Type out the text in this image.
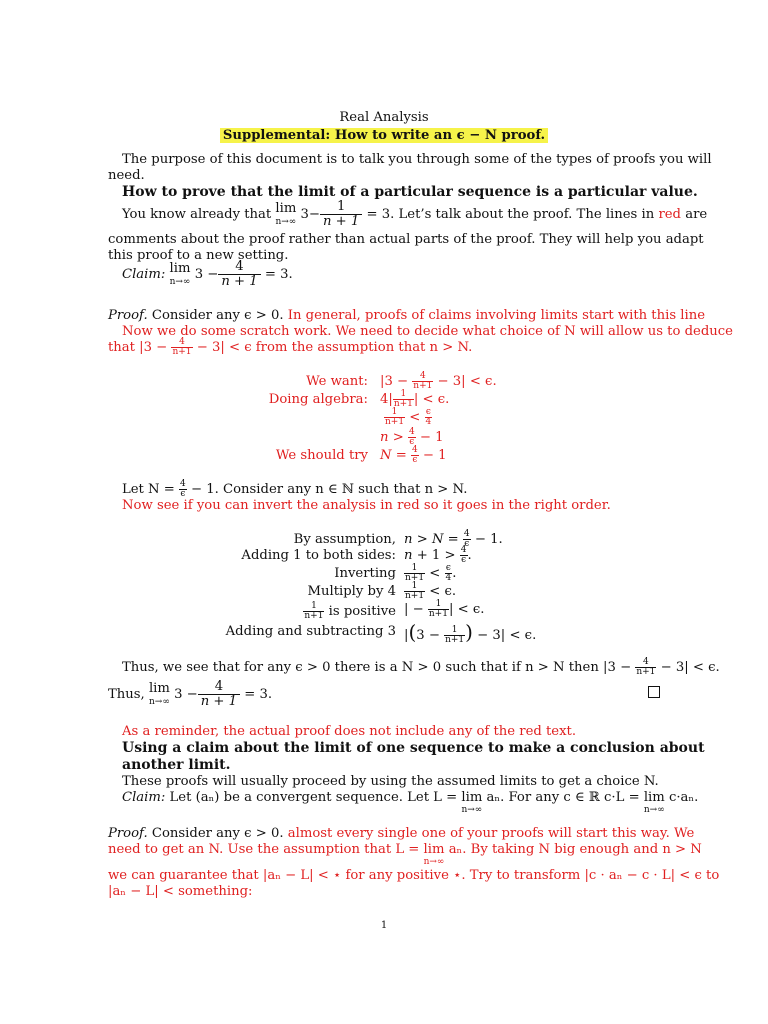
Real Analysis
Supplemental: How to write an ϵ − N proof.
The purpose of this document is to talk you through some of the types of proofs you will
need.
How to prove that the limit of a particular sequence is a particular value.
You know already that lim
n→∞ $3- \frac{1}{n + 1} = 3$. Let’s talk about the proof. The lines in red are
comments about the proof rather than actual parts of the proof. They will help you adapt
this proof to a new setting.
Claim: lim
n→∞ $3 - \frac{4}{n + 1} = 3$.
Proof. Consider any ϵ > 0. In general, proofs of claims involving limits start with this line
Now we do some scratch work. We need to decide what choice of N will allow us to deduce
that $|3 - \frac{4}{n+1} - 3| < \epsilon$ from the assumption that n > N.
We want: $|3 - \frac{4}{n+1} - 3| < \epsilon$.
Doing algebra: $4| \frac{1}{n+1}$ | < ϵ.
$\frac{1}{n+1} < \frac{\epsilon}{4}$
$n > \frac{4}{\epsilon} - 1$
We should try $N = \frac{4}{\epsilon} - 1$
Let $N = \frac{4}{\epsilon} - 1$. Consider any n ∈ ℕ such that n > N.
Now see if you can invert the analysis in red so it goes in the right order.
By assumption, $n > N = \frac{4}{\epsilon} - 1$.
Adding 1 to both sides: $n + 1 > \frac{4}{\epsilon}$ .
Inverting $\frac{1}{n+1} < \frac{\epsilon}{4}$ .
Multiply by $4 \frac{1}{n+1} < \epsilon$.
$\frac{1}{n+1}$ is positive | − $\frac{1}{n+1}$ | < ϵ.
Adding and subtracting 3 $|(3 - \frac{1}{n+1}$ ) − 3| < ϵ.
Thus, we see that for any ϵ > 0 there is a N > 0 such that if n > N then $|3 - \frac{4}{n+1} - 3| < \epsilon$.
Thus, lim
n→∞ $3 - \frac{4}{n + 1} = 3$.
As a reminder, the actual proof does not include any of the red text.
Using a claim about the limit of one sequence to make a conclusion about
another limit.
These proofs will usually proceed by using the assumed limits to get a choice N.
Claim: Let (aₙ) be a convergent sequence. Let L = lim
n→∞
aₙ. For any c ∈ ℝ c·L = lim
n→∞
c·aₙ.
Proof. Consider any ϵ > 0. almost every single one of your proofs will start this way. We
need to get an N. Use the assumption that L = lim
n→∞
aₙ. By taking N big enough and n > N
we can guarantee that |aₙ − L| < ⋆ for any positive ⋆. Try to transform |c · aₙ − c · L| < ϵ to
|aₙ − L| < something:
1
